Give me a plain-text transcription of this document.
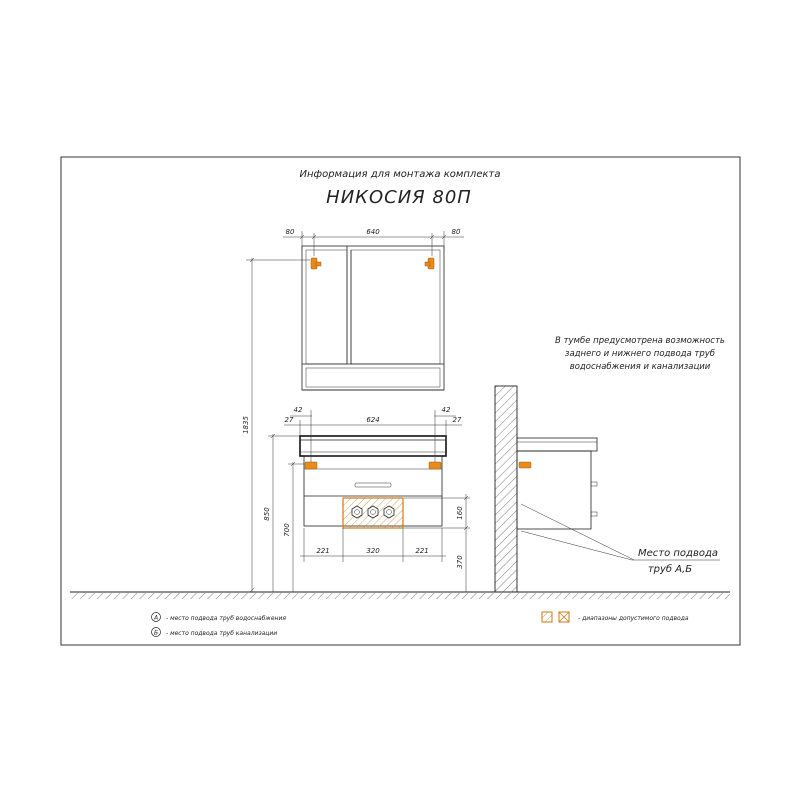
Информация для монтажа комплекта
НИКОСИЯ 80П
80	640	80
1835
42	42
27	624	27
850
700
160
370
221	320	221
В тумбе предусмотрена возможность
заднего и нижнего подвода труб
водоснабжения и канализации
Место подвода
труб А,Б
А - место подвода труб водоснабжения
Б - место подвода труб канализации
- диапазоны допустимого подвода
